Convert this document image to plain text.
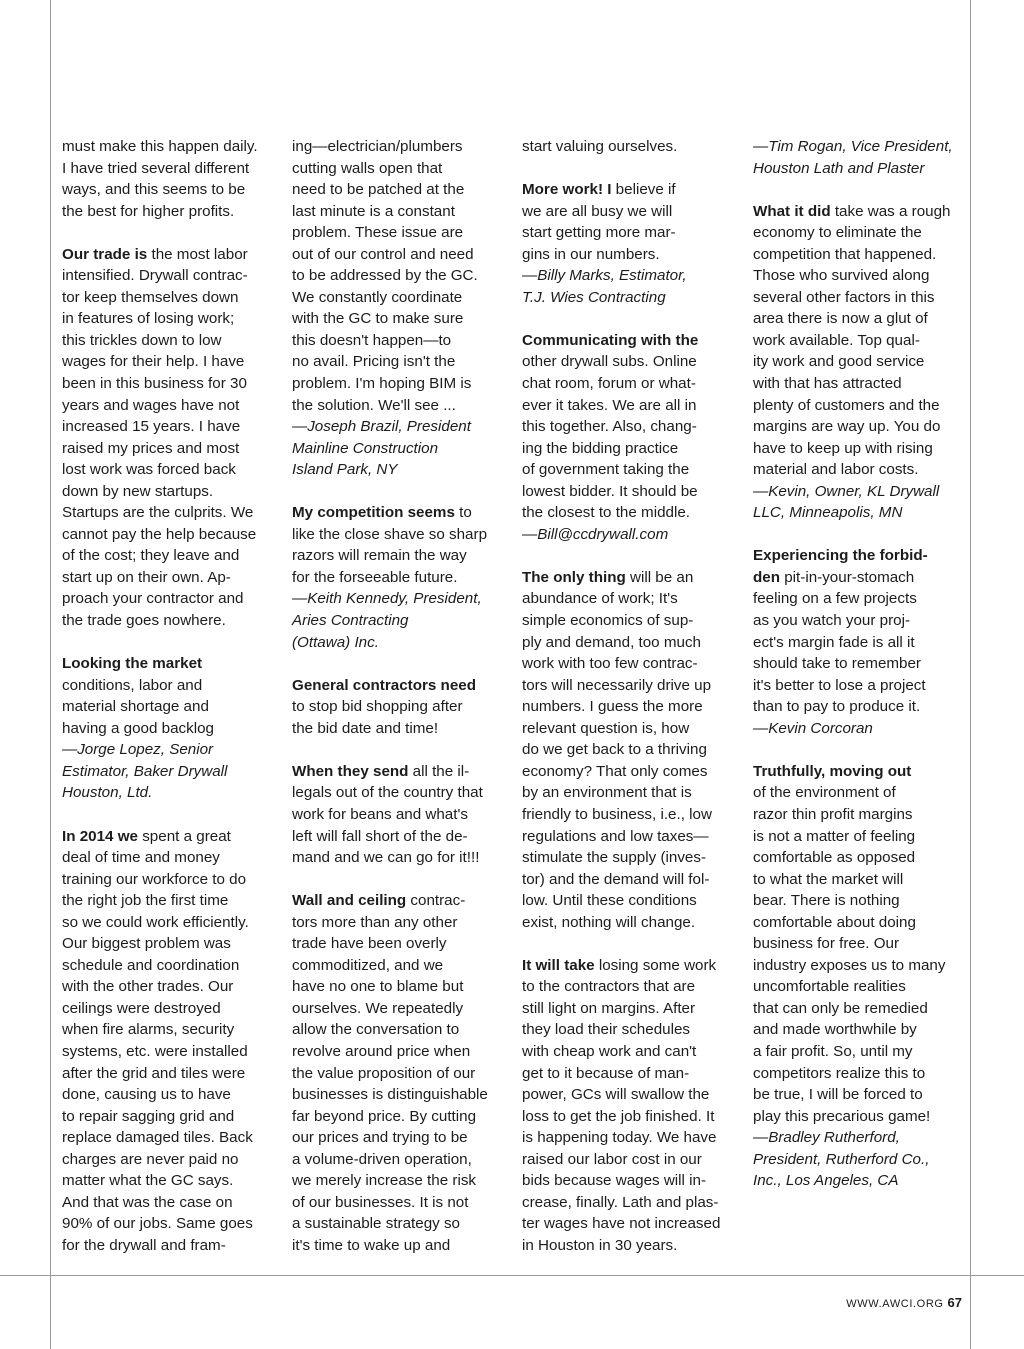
must make this happen daily.
I have tried several different
ways, and this seems to be
the best for higher profits.
Our trade is the most labor
intensified. Drywall contrac-
tor keep themselves down
in features of losing work;
this trickles down to low
wages for their help. I have
been in this business for 30
years and wages have not
increased 15 years. I have
raised my prices and most
lost work was forced back
down by new startups.
Startups are the culprits. We
cannot pay the help because
of the cost; they leave and
start up on their own. Ap-
proach your contractor and
the trade goes nowhere.
Looking the market
conditions, labor and
material shortage and
having a good backlog
—Jorge Lopez, Senior
Estimator, Baker Drywall
Houston, Ltd.
In 2014 we spent a great
deal of time and money
training our workforce to do
the right job the first time
so we could work efficiently.
Our biggest problem was
schedule and coordination
with the other trades. Our
ceilings were destroyed
when fire alarms, security
systems, etc. were installed
after the grid and tiles were
done, causing us to have
to repair sagging grid and
replace damaged tiles. Back
charges are never paid no
matter what the GC says.
And that was the case on
90% of our jobs. Same goes
for the drywall and fram-
ing—electrician/plumbers
cutting walls open that
need to be patched at the
last minute is a constant
problem. These issue are
out of our control and need
to be addressed by the GC.
We constantly coordinate
with the GC to make sure
this doesn't happen—to
no avail. Pricing isn't the
problem. I'm hoping BIM is
the solution. We'll see ...
—Joseph Brazil, President
Mainline Construction
Island Park, NY
My competition seems to
like the close shave so sharp
razors will remain the way
for the forseeable future.
—Keith Kennedy, President,
Aries Contracting
(Ottawa) Inc.
General contractors need
to stop bid shopping after
the bid date and time!
When they send all the il-
legals out of the country that
work for beans and what's
left will fall short of the de-
mand and we can go for it!!!
Wall and ceiling contrac-
tors more than any other
trade have been overly
commoditized, and we
have no one to blame but
ourselves. We repeatedly
allow the conversation to
revolve around price when
the value proposition of our
businesses is distinguishable
far beyond price. By cutting
our prices and trying to be
a volume-driven operation,
we merely increase the risk
of our businesses. It is not
a sustainable strategy so
it's time to wake up and
start valuing ourselves.
More work! I believe if
we are all busy we will
start getting more mar-
gins in our numbers.
—Billy Marks, Estimator,
T.J. Wies Contracting
Communicating with the
other drywall subs. Online
chat room, forum or what-
ever it takes. We are all in
this together. Also, chang-
ing the bidding practice
of government taking the
lowest bidder. It should be
the closest to the middle.
—Bill@ccdrywall.com
The only thing will be an
abundance of work; It's
simple economics of sup-
ply and demand, too much
work with too few contrac-
tors will necessarily drive up
numbers. I guess the more
relevant question is, how
do we get back to a thriving
economy? That only comes
by an environment that is
friendly to business, i.e., low
regulations and low taxes—
stimulate the supply (inves-
tor) and the demand will fol-
low. Until these conditions
exist, nothing will change.
It will take losing some work
to the contractors that are
still light on margins. After
they load their schedules
with cheap work and can't
get to it because of man-
power, GCs will swallow the
loss to get the job finished. It
is happening today. We have
raised our labor cost in our
bids because wages will in-
crease, finally. Lath and plas-
ter wages have not increased
in Houston in 30 years.
—Tim Rogan, Vice President,
Houston Lath and Plaster
What it did take was a rough
economy to eliminate the
competition that happened.
Those who survived along
several other factors in this
area there is now a glut of
work available. Top qual-
ity work and good service
with that has attracted
plenty of customers and the
margins are way up. You do
have to keep up with rising
material and labor costs.
—Kevin, Owner, KL Drywall
LLC, Minneapolis, MN
Experiencing the forbid-
den pit-in-your-stomach
feeling on a few projects
as you watch your proj-
ect's margin fade is all it
should take to remember
it's better to lose a project
than to pay to produce it.
—Kevin Corcoran
Truthfully, moving out
of the environment of
razor thin profit margins
is not a matter of feeling
comfortable as opposed
to what the market will
bear. There is nothing
comfortable about doing
business for free. Our
industry exposes us to many
uncomfortable realities
that can only be remedied
and made worthwhile by
a fair profit. So, until my
competitors realize this to
be true, I will be forced to
play this precarious game!
—Bradley Rutherford,
President, Rutherford Co.,
Inc., Los Angeles, CA
WWW.AWCI.ORG 67
